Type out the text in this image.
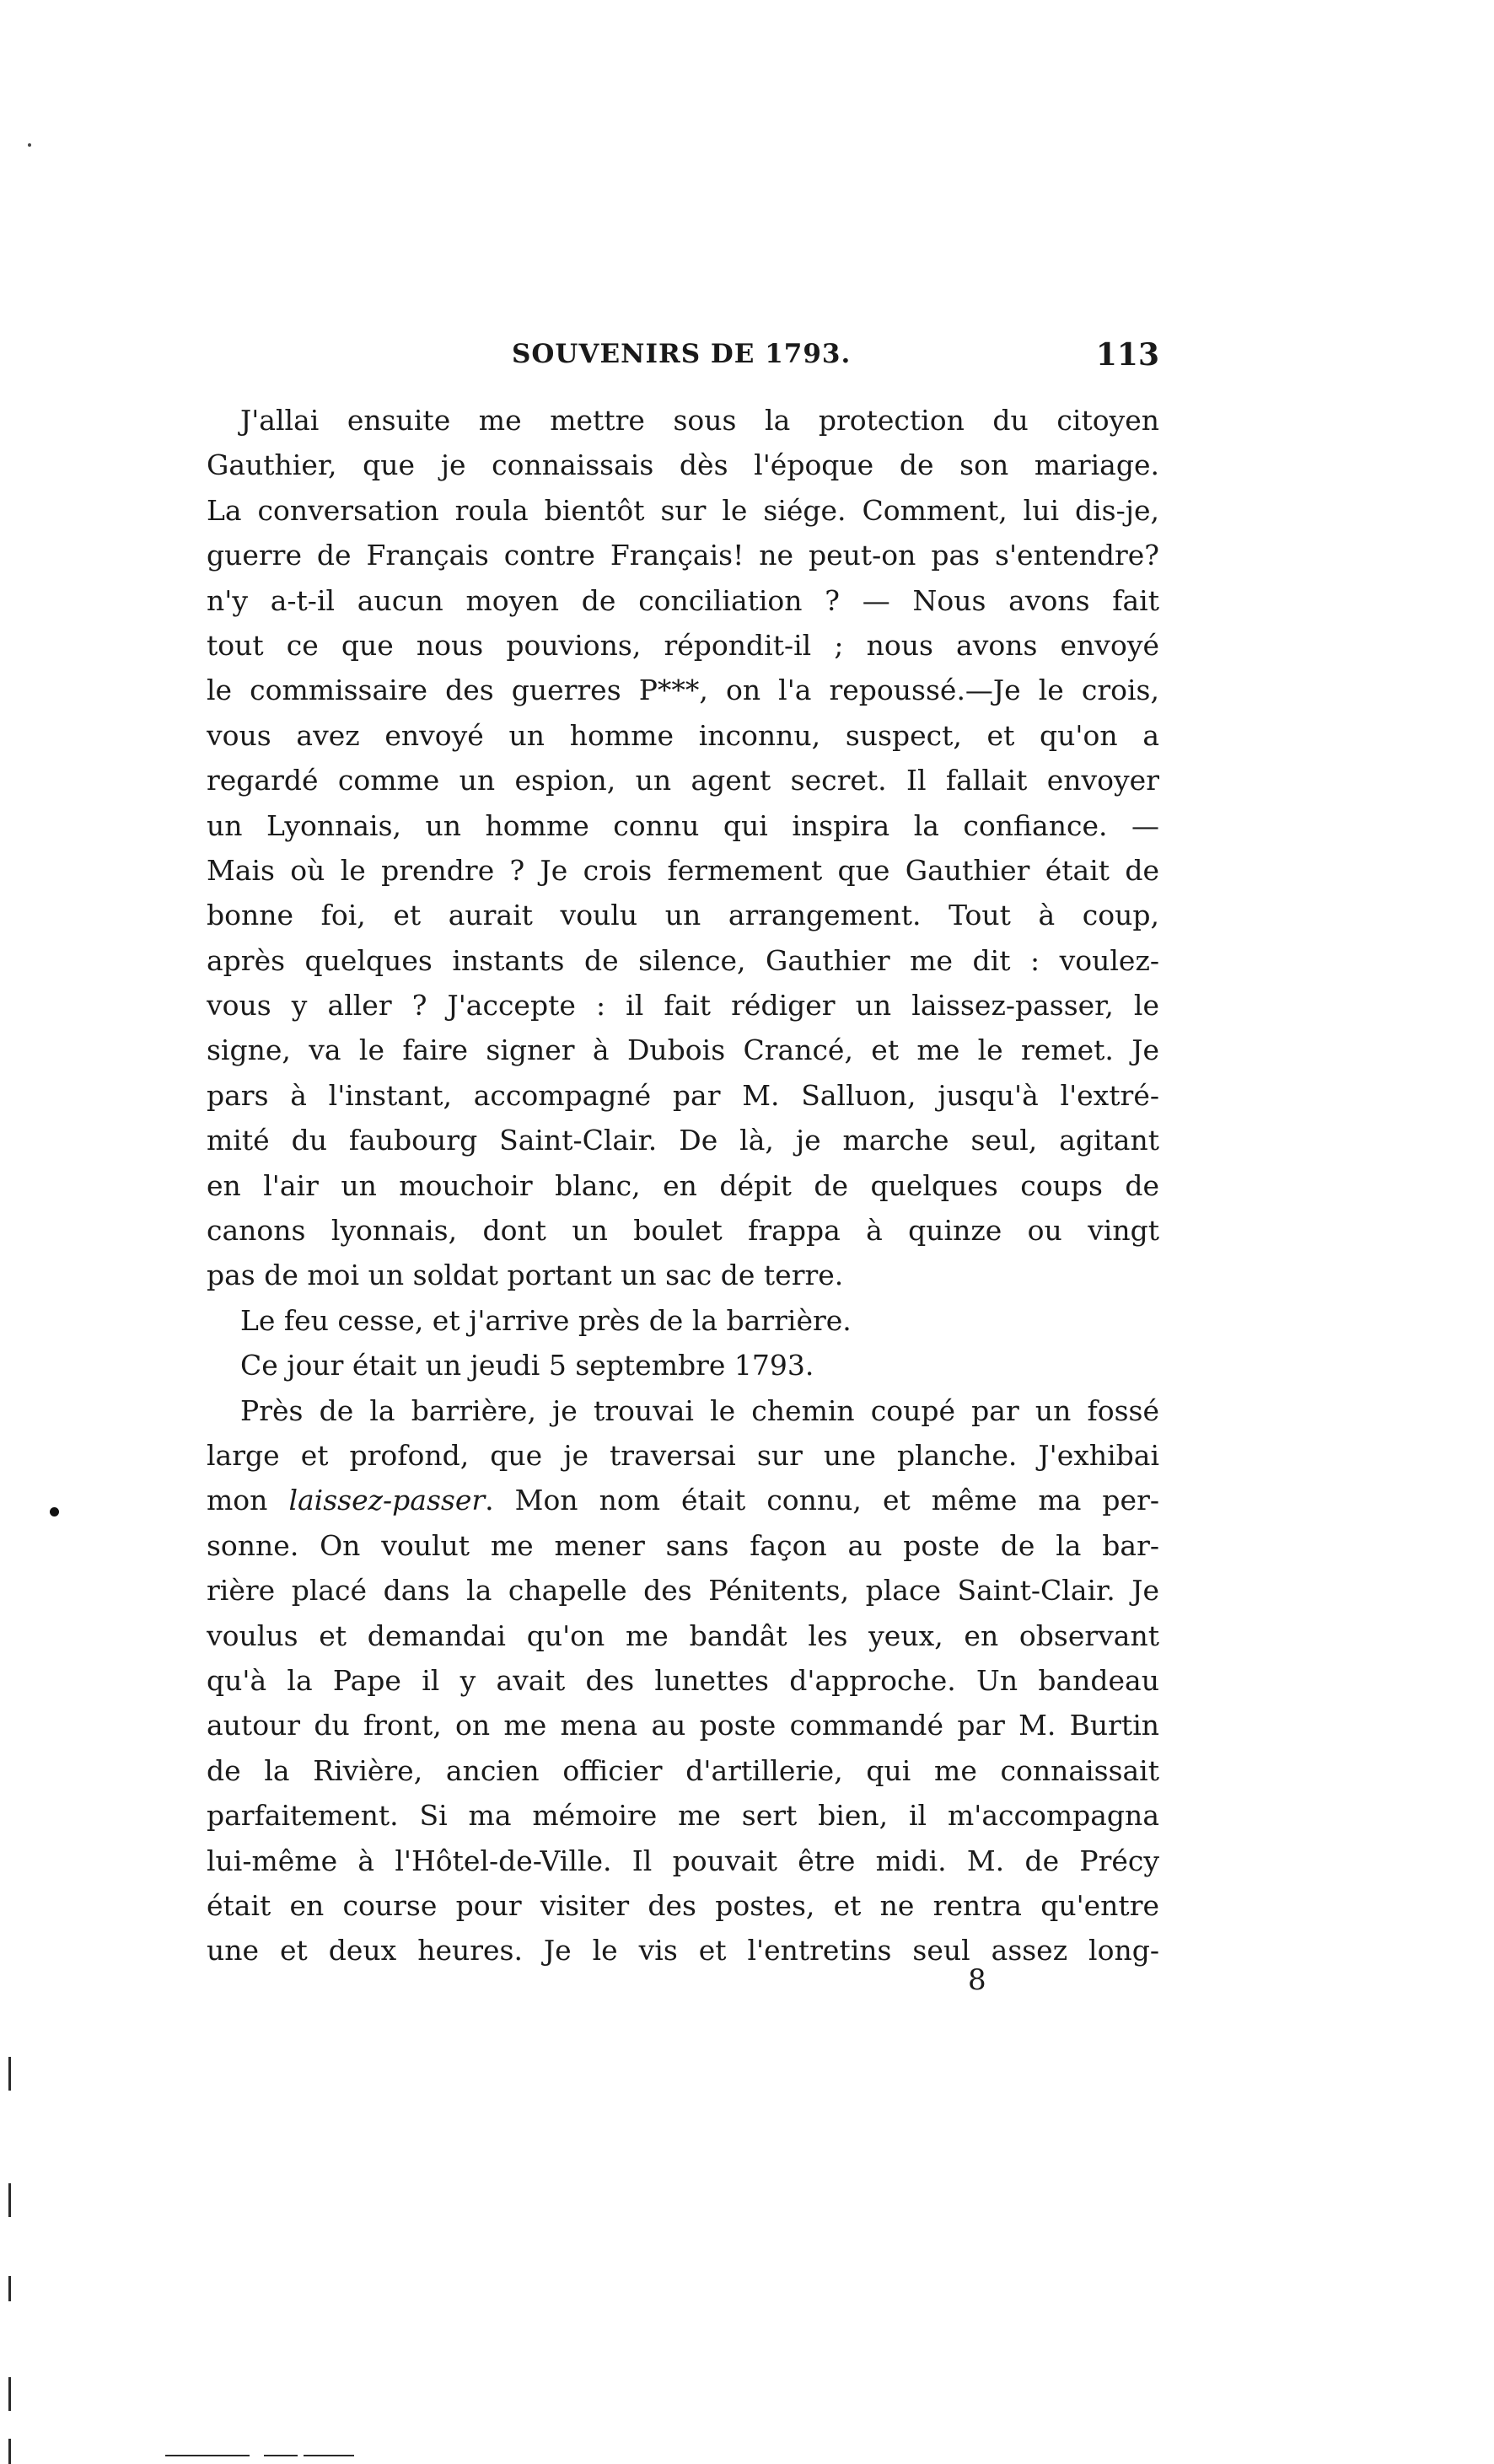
SOUVENIRS DE 1793.	113
J'allai ensuite me mettre sous la protection du citoyen
Gauthier, que je connaissais dès l'époque de son mariage.
La conversation roula bientôt sur le siége. Comment, lui dis-je,
guerre de Français contre Français! ne peut-on pas s'entendre?
n'y a-t-il aucun moyen de conciliation ? — Nous avons fait
tout ce que nous pouvions, répondit-il ; nous avons envoyé
le commissaire des guerres P***, on l'a repoussé.—Je le crois,
vous avez envoyé un homme inconnu, suspect, et qu'on a
regardé comme un espion, un agent secret. Il fallait envoyer
un Lyonnais, un homme connu qui inspira la confiance. —
Mais où le prendre ? Je crois fermement que Gauthier était de
bonne foi, et aurait voulu un arrangement. Tout à coup,
après quelques instants de silence, Gauthier me dit : voulez-
vous y aller ? J'accepte : il fait rédiger un laissez-passer, le
signe, va le faire signer à Dubois Crancé, et me le remet. Je
pars à l'instant, accompagné par M. Salluon, jusqu'à l'extré-
mité du faubourg Saint-Clair. De là, je marche seul, agitant
en l'air un mouchoir blanc, en dépit de quelques coups de
canons lyonnais, dont un boulet frappa à quinze ou vingt
pas de moi un soldat portant un sac de terre.
Le feu cesse, et j'arrive près de la barrière.
Ce jour était un jeudi 5 septembre 1793.
Près de la barrière, je trouvai le chemin coupé par un fossé
large et profond, que je traversai sur une planche. J'exhibai
mon laissez-passer. Mon nom était connu, et même ma per-
sonne. On voulut me mener sans façon au poste de la bar-
rière placé dans la chapelle des Pénitents, place Saint-Clair. Je
voulus et demandai qu'on me bandât les yeux, en observant
qu'à la Pape il y avait des lunettes d'approche. Un bandeau
autour du front, on me mena au poste commandé par M. Burtin
de la Rivière, ancien officier d'artillerie, qui me connaissait
parfaitement. Si ma mémoire me sert bien, il m'accompagna
lui-même à l'Hôtel-de-Ville. Il pouvait être midi. M. de Précy
était en course pour visiter des postes, et ne rentra qu'entre
une et deux heures. Je le vis et l'entretins seul assez long-
8
